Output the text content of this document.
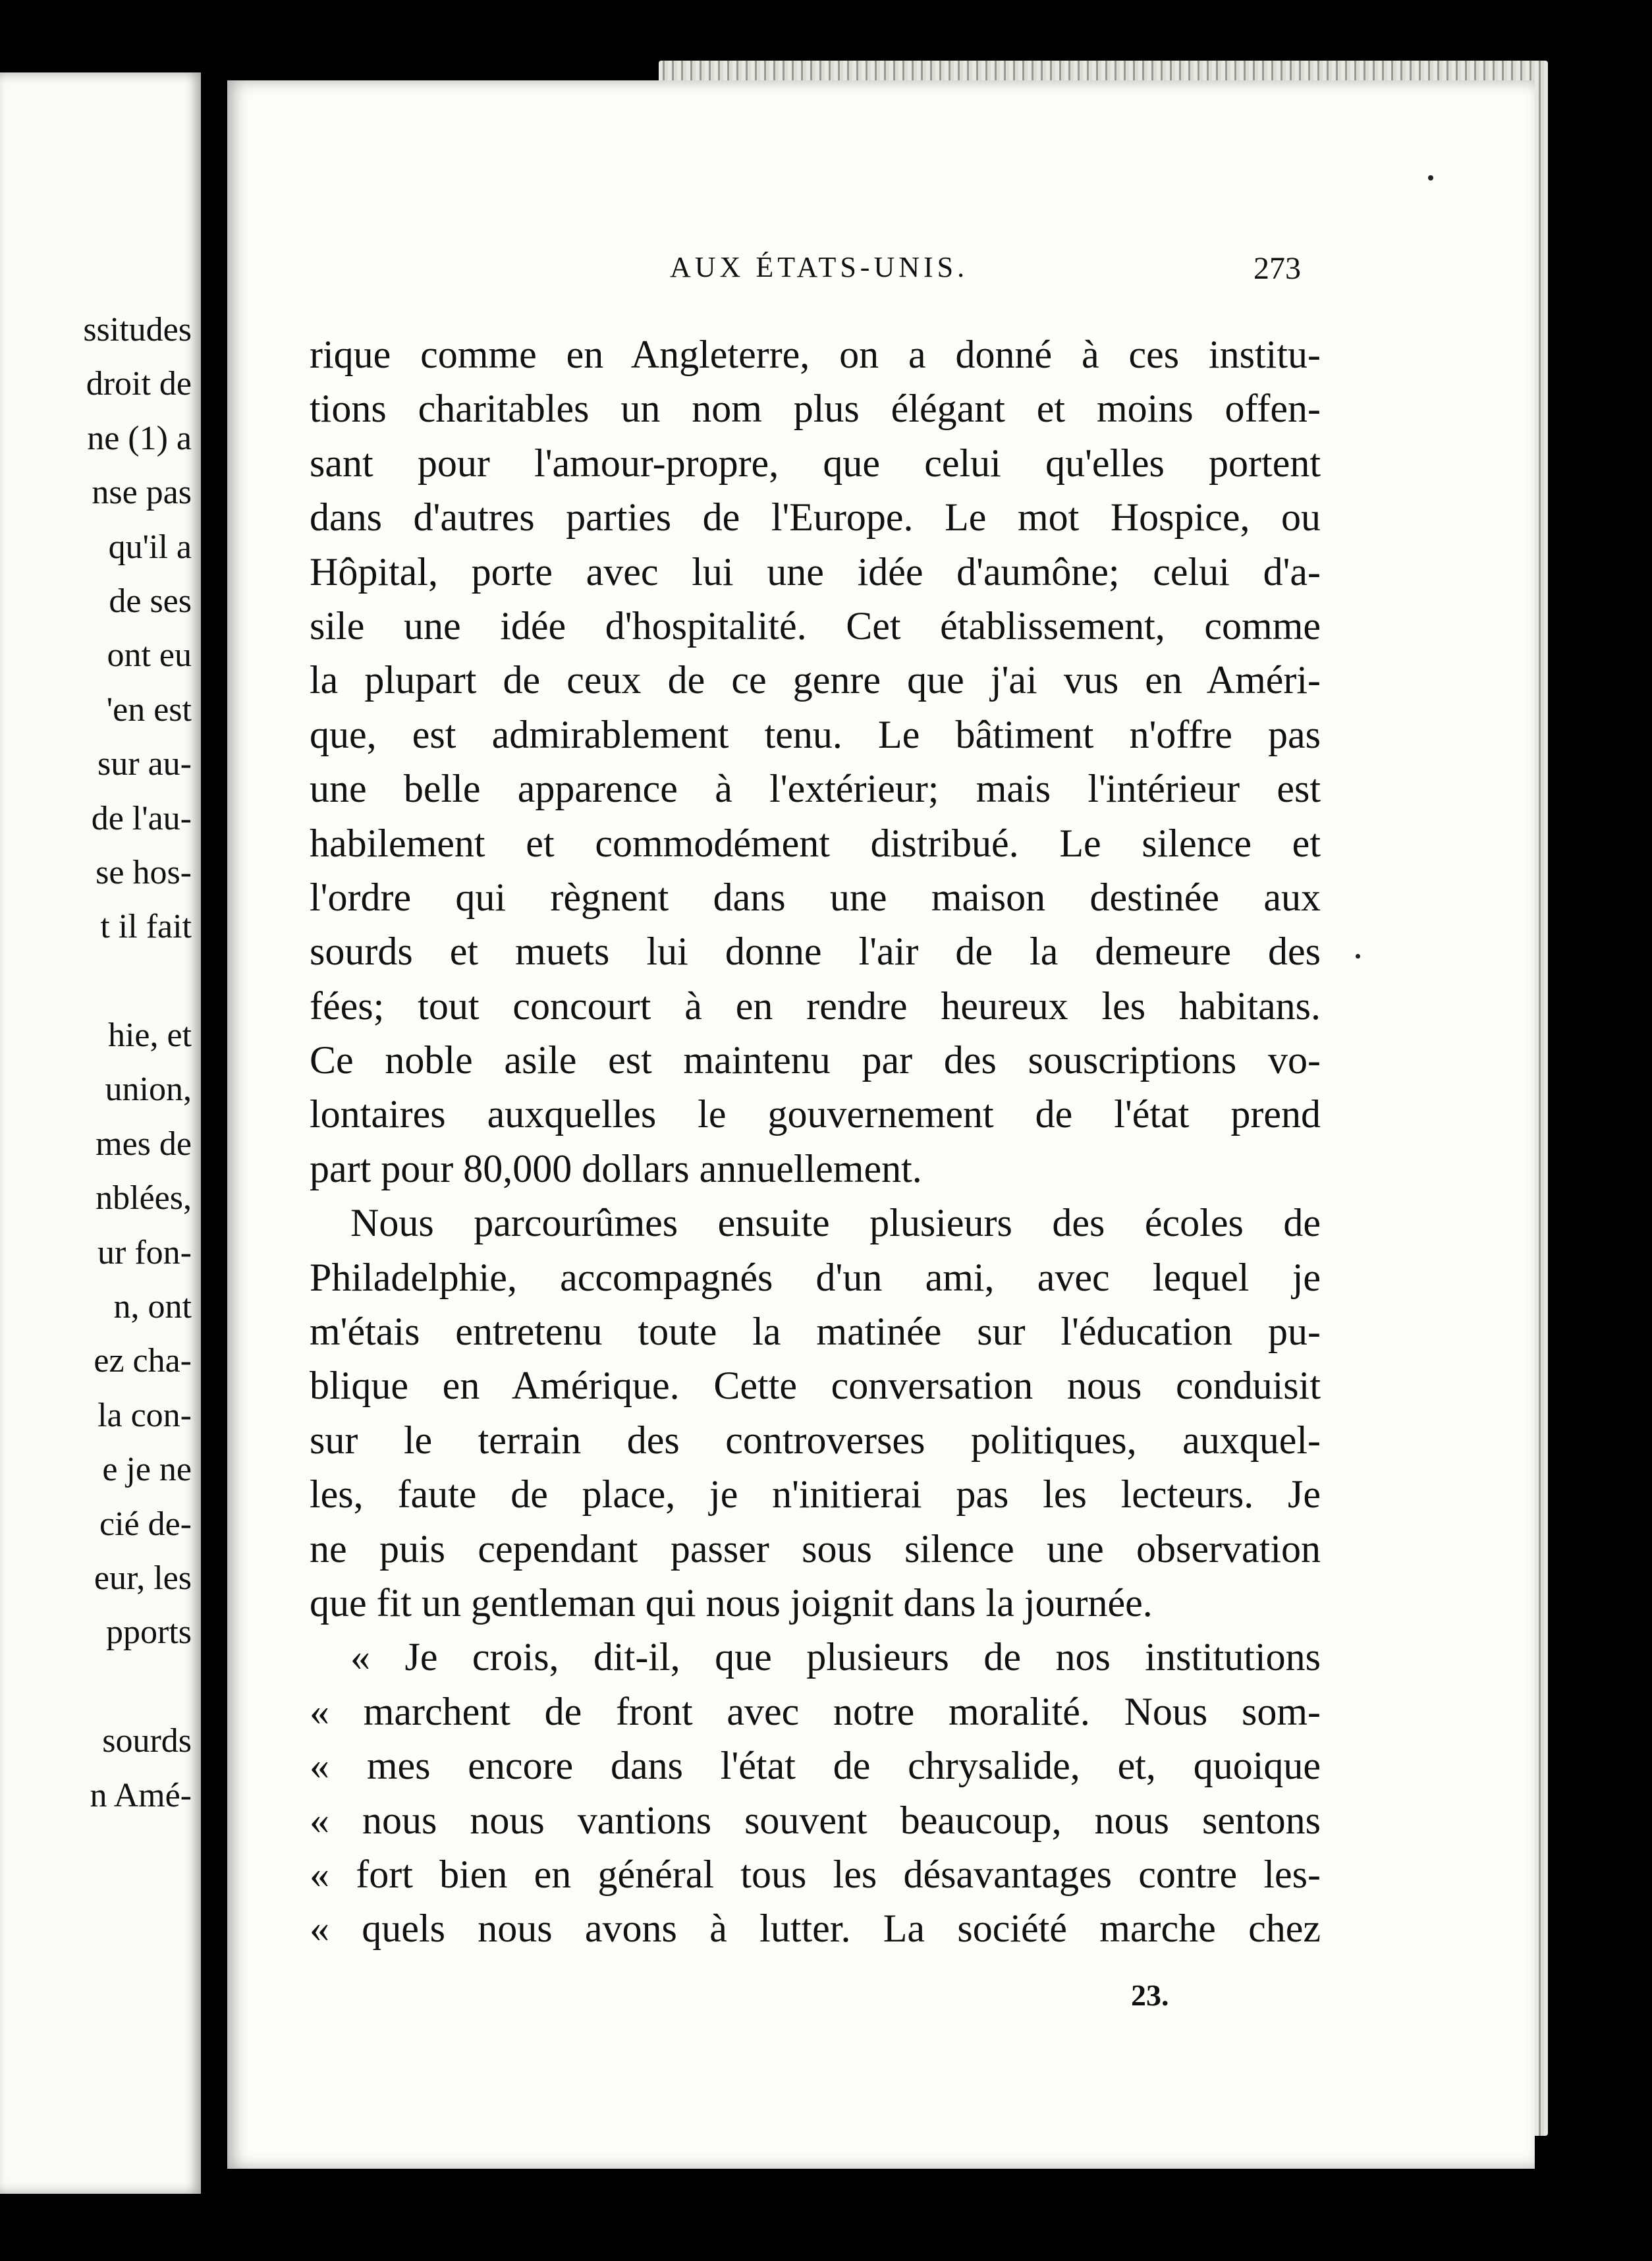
ssitudes
droit de
ne (1) a
nse pas
qu'il a
de ses
ont eu
'en est
sur au-
de l'au-
se hos-
t il fait
hie, et
union,
mes de
nblées,
ur fon-
n, ont
ez cha-
la con-
e je ne
cié de-
eur, les
pports
sourds
n Amé-
AUX ÉTATS-UNIS.	273
rique comme en Angleterre, on a donné à ces institu-
tions charitables un nom plus élégant et moins offen-
sant pour l'amour-propre, que celui qu'elles portent
dans d'autres parties de l'Europe. Le mot Hospice, ou
Hôpital, porte avec lui une idée d'aumône; celui d'a-
sile une idée d'hospitalité. Cet établissement, comme
la plupart de ceux de ce genre que j'ai vus en Améri-
que, est admirablement tenu. Le bâtiment n'offre pas
une belle apparence à l'extérieur; mais l'intérieur est
habilement et commodément distribué. Le silence et
l'ordre qui règnent dans une maison destinée aux
sourds et muets lui donne l'air de la demeure des
fées; tout concourt à en rendre heureux les habitans.
Ce noble asile est maintenu par des souscriptions vo-
lontaires auxquelles le gouvernement de l'état prend
part pour 80,000 dollars annuellement.
Nous parcourûmes ensuite plusieurs des écoles de
Philadelphie, accompagnés d'un ami, avec lequel je
m'étais entretenu toute la matinée sur l'éducation pu-
blique en Amérique. Cette conversation nous conduisit
sur le terrain des controverses politiques, auxquel-
les, faute de place, je n'initierai pas les lecteurs. Je
ne puis cependant passer sous silence une observation
que fit un gentleman qui nous joignit dans la journée.
« Je crois, dit-il, que plusieurs de nos institutions
« marchent de front avec notre moralité. Nous som-
« mes encore dans l'état de chrysalide, et, quoique
« nous nous vantions souvent beaucoup, nous sentons
« fort bien en général tous les désavantages contre les-
« quels nous avons à lutter. La société marche chez
23.
